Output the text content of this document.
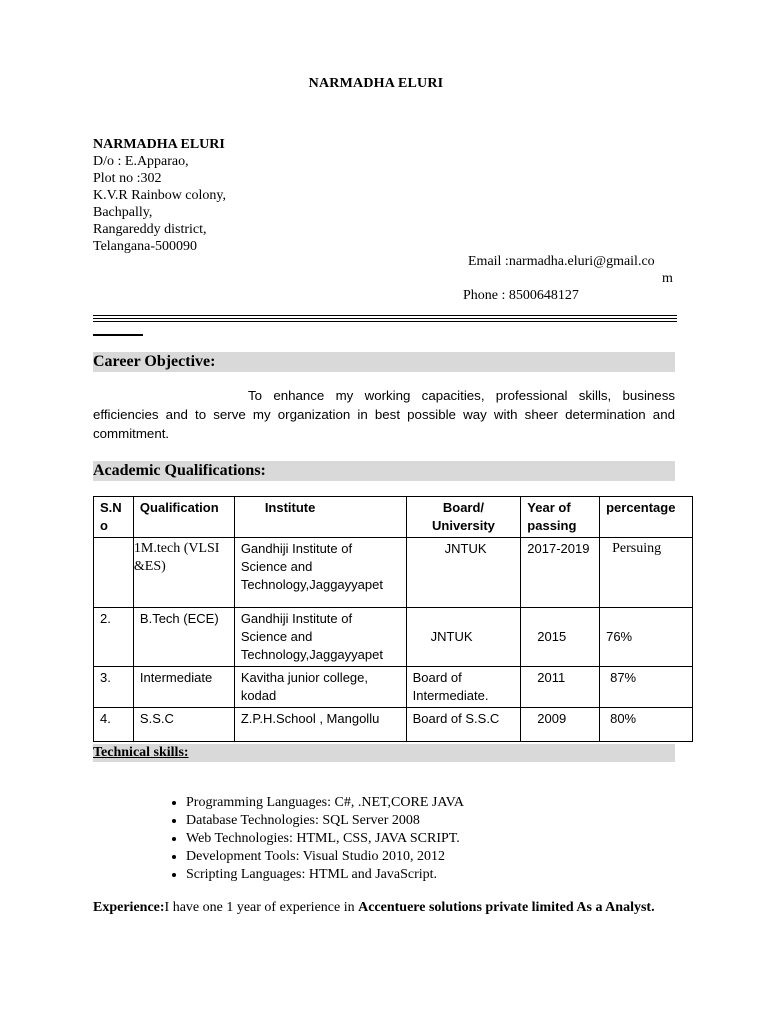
NARMADHA ELURI
NARMADHA ELURI
D/o : E.Apparao,
Plot no :302
K.V.R Rainbow colony,
Bachpally,
Rangareddy district,
Telangana-500090
Email :narmadha.eluri@gmail.co
m
Phone : 8500648127
Career Objective:
To enhance my working capacities, professional skills, business efficiencies and to serve my organization in best possible way with sheer determination and commitment.
Academic Qualifications:
S.N o	Qualification	Institute	Board/ University	Year of passing	percentage
	1M.tech (VLSI &ES)	Gandhiji Institute of Science and Technology,Jaggayyapet	JNTUK	2017-2019	Persuing
2.	B.Tech (ECE)	Gandhiji Institute of Science and Technology,Jaggayyapet	JNTUK	2015	76%
3.	Intermediate	Kavitha junior college, kodad	Board of Intermediate.	2011	87%
4.	S.S.C	Z.P.H.School , Mangollu	Board of S.S.C	2009	80%
Technical skills:
• Programming Languages: C#, .NET,CORE JAVA
• Database Technologies: SQL Server 2008
• Web Technologies: HTML, CSS, JAVA SCRIPT.
• Development Tools: Visual Studio 2010, 2012
• Scripting Languages: HTML and JavaScript.
Experience:I have one 1 year of experience in Accentuere solutions private limited As a Analyst.
